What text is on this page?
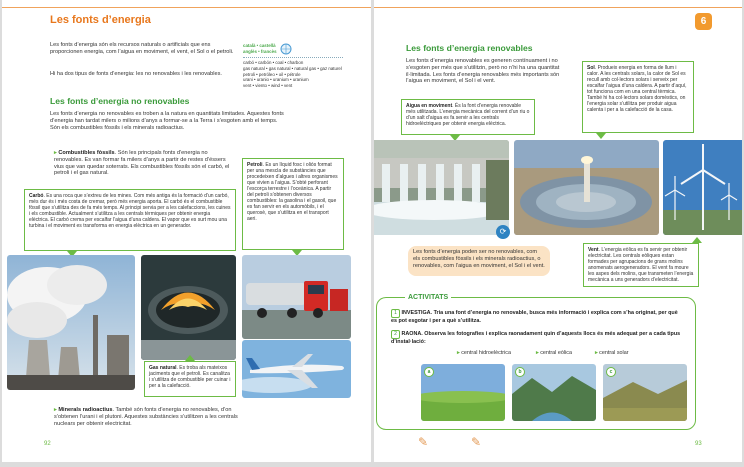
Les fonts d’energia

Les fonts d’energia són els recursos naturals o artificials que ens proporcionen energia, com l’aigua en moviment, el vent, el Sol o el petroli.

Hi ha dos tipus de fonts d’energia: les no renovables i les renovables.

Les fonts d’energia no renovables

Les fonts d’energia no renovables es troben a la natura en quantitats limitades. Aquestes fonts d’energia han tardat milers o milions d’anys a formar-se a la Terra i s’esgoten amb el temps. Són els combustibles fòssils i els minerals radioactius.

▸ Combustibles fòssils. Són les principals fonts d’energia no renovables. Es van formar fa milers d’anys a partir de restes d’éssers vius que van quedar soterrats. Els combustibles fòssils són el carbó, el petroli i el gas natural.

català • castellà
anglès • francès
carbó • carbón • coal • charbon
gas natural • gas natural • natural gas • gaz naturel
petroli • petróleo • oil • pétrole
urani • uranio • uranium • uranium
vent • viento • wind • vent
Carbó. Es una roca que s’extreu de les mines. Com més antiga és la formació d’un carbó, més dur és i més costa de cremar, però més energia aporta. El carbó és el combustible fòssil que s’utilitza des de fa més temps. Al principi servia per a les calefaccions, les cuines i els combustible. Actualment s’utilitza a les centrals tèrmiques per obtenir energia elèctrica. El carbó crema per escalfar l’aigua d’una caldera. El vapor que es surt mou una turbina i el moviment es transforma en energia elèctrica en un generador.
Petroli. Es un líquid fosc i oliós format per una mescla de substàncies que procedeixen d’algues i altres organismes que vivien a l’aigua. S’obté perforant l’escorça terrestre i l’oceànica. A partir del petroli s’obtenen diversos combustibles: la gasolina i el gasoil, que es fan servir en els automòbils, i el querosè, que s’utilitza en el transport aeri.
Gas natural. Es troba als mateixos jaciments que el petroli. Es canalitza i s’utilitza de combustible per cuinar i per a la calefacció.

▸ Minerals radioactius. També són fonts d’energia no renovables, d’on s’obtenen l’urani i el plutoni. Aquestes substàncies s’utilitzen a les centrals nuclears per obtenir electricitat.

92
6
Les fonts d’energia renovables

Les fonts d’energia renovables es generen contínuament i no s’esgoten per més que s’utilitzin, però no n’hi ha una quantitat il·limitada. Les fonts d’energia renovables més importants són l’aigua en moviment, el Sol i el vent.

Sol. Produeix energia en forma de llum i calor. A les centrals solars, la calor de Sol es recull amb col·lectors solars i serveix per escalfar l’aigua d’una caldera. A partir d’aquí, tot funciona com en una central tèrmica. També hi ha col·lectors solars domèstics, on l’energia solar s’utilitza per produir aigua calenta i per a la calefacció de la casa.
Aigua en moviment. És la font d’energia renovable més utilitzada. L’energia mecànica del corrent d’un riu o d’un salt d’aigua es fa servir a les centrals hidroelèctriques per obtenir energia elèctrica.
⟳
Les fonts d’energia poden ser no renovables, com els combustibles fòssils i els minerals radioactius, o renovables, com l’aigua en moviment, el Sol i el vent.
Vent. L’energia eòlica es fa servir per obtenir electricitat. Les centrals eòliques estan formades per agrupacions de grans molins anomenats aerogeneradors. El vent fa moure les aspes dels molins, que transmeten l’energia mecànica a uns generadors d’electricitat.
ACTIVITATS
1 INVESTIGA. Tria una font d’energia no renovable, busca més informació i explica com s’ha originat, per què es pot esgotar i per a què s’utilitza.
2 RAONA. Observa les fotografies i explica raonadament quin d’aquests llocs és més adequat per a cada tipus d’instal·lació:
▸ central hidroelèctrica	▸ central eòlica	▸ central solar
a	b	c
✎	✎	93
